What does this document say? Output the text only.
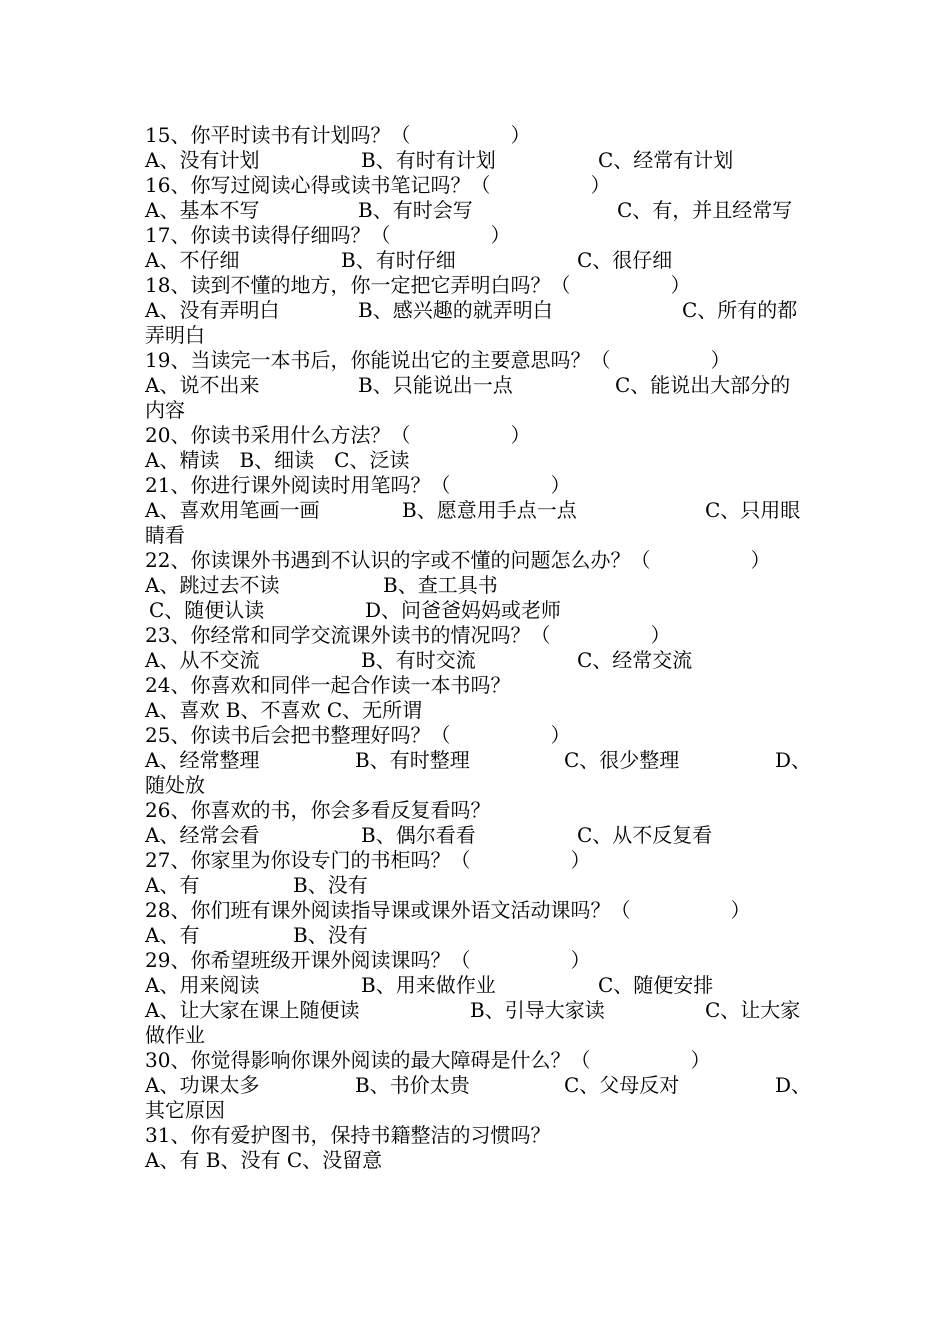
15、你平时读书有计划吗？（　　　　　）
A、没有计划	B、有时有计划	C、经常有计划
16、你写过阅读心得或读书笔记吗？（　　　　　）
A、基本不写	B、有时会写	C、有，并且经常写
17、你读书读得仔细吗？（　　　　　）
A、不仔细	B、有时仔细	C、很仔细
18、读到不懂的地方，你一定把它弄明白吗？（　　　　　）
A、没有弄明白	B、感兴趣的就弄明白	C、所有的都
弄明白
19、当读完一本书后，你能说出它的主要意思吗？（　　　　　）
A、说不出来	B、只能说出一点	C、能说出大部分的
内容
20、你读书采用什么方法？（　　　　　）
A、精读　B、细读　C、泛读
21、你进行课外阅读时用笔吗？（　　　　　）
A、喜欢用笔画一画	B、愿意用手点一点	C、只用眼
睛看
22、你读课外书遇到不认识的字或不懂的问题怎么办？（　　　　　）
A、跳过去不读	B、查工具书
C、随便认读	D、问爸爸妈妈或老师
23、你经常和同学交流课外读书的情况吗？（　　　　　）
A、从不交流	B、有时交流	C、经常交流
24、你喜欢和同伴一起合作读一本书吗？
A、喜欢 B、不喜欢 C、无所谓
25、你读书后会把书整理好吗？（　　　　　）
A、经常整理	B、有时整理	C、很少整理	D、
随处放
26、你喜欢的书，你会多看反复看吗？
A、经常会看	B、偶尔看看	C、从不反复看
27、你家里为你设专门的书柜吗？（　　　　　）
A、有	B、没有
28、你们班有课外阅读指导课或课外语文活动课吗？（　　　　　）
A、有	B、没有
29、你希望班级开课外阅读课吗？（　　　　　）
A、用来阅读	B、用来做作业	C、随便安排
A、让大家在课上随便读	B、引导大家读	C、让大家
做作业
30、你觉得影响你课外阅读的最大障碍是什么？（　　　　　）
A、功课太多	B、书价太贵	C、父母反对	D、
其它原因
31、你有爱护图书，保持书籍整洁的习惯吗？
A、有 B、没有 C、没留意
